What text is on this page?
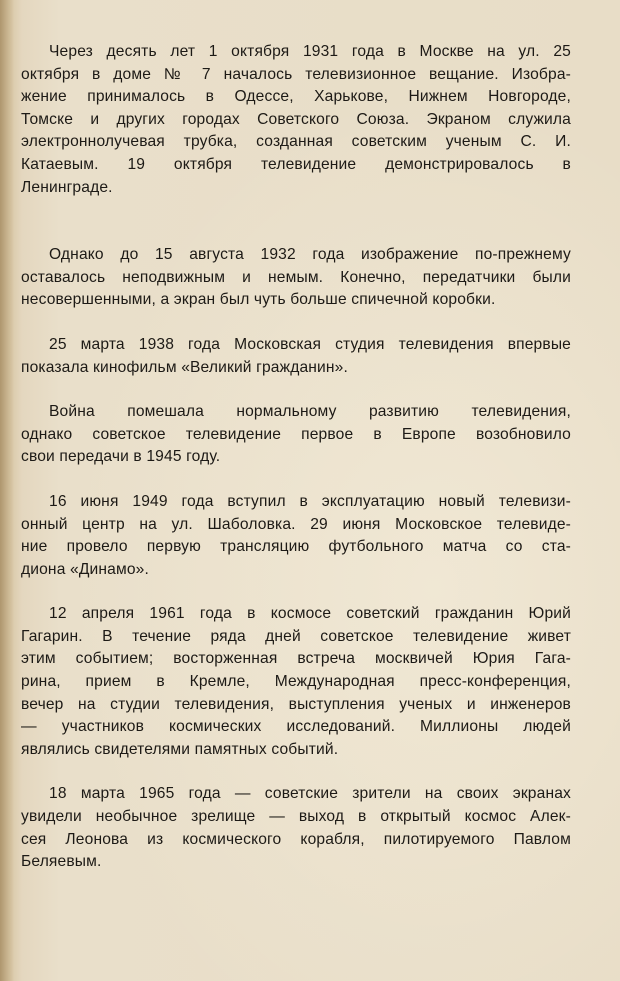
Через десять лет 1 октября 1931 года в Москве на ул. 25
октября в доме № 7 началось телевизионное вещание. Изобра-
жение принималось в Одессе, Харькове, Нижнем Новгороде,
Томске и других городах Советского Союза. Экраном служила
электроннолучевая трубка, созданная советским ученым С. И.
Катаевым. 19 октября телевидение демонстрировалось в
Ленинграде.
Однако до 15 августа 1932 года изображение по-прежнему
оставалось неподвижным и немым. Конечно, передатчики были
несовершенными, а экран был чуть больше спичечной коробки.
25 марта 1938 года Московская студия телевидения впервые
показала кинофильм «Великий гражданин».
Война помешала нормальному развитию телевидения,
однако советское телевидение первое в Европе возобновило
свои передачи в 1945 году.
16 июня 1949 года вступил в эксплуатацию новый телевизи-
онный центр на ул. Шаболовка. 29 июня Московское телевиде-
ние провело первую трансляцию футбольного матча со ста-
диона «Динамо».
12 апреля 1961 года в космосе советский гражданин Юрий
Гагарин. В течение ряда дней советское телевидение живет
этим событием; восторженная встреча москвичей Юрия Гага-
рина, прием в Кремле, Международная пресс-конференция,
вечер на студии телевидения, выступления ученых и инженеров
— участников космических исследований. Миллионы людей
являлись свидетелями памятных событий.
18 марта 1965 года — советские зрители на своих экранах
увидели необычное зрелище — выход в открытый космос Алек-
сея Леонова из космического корабля, пилотируемого Павлом
Беляевым.
